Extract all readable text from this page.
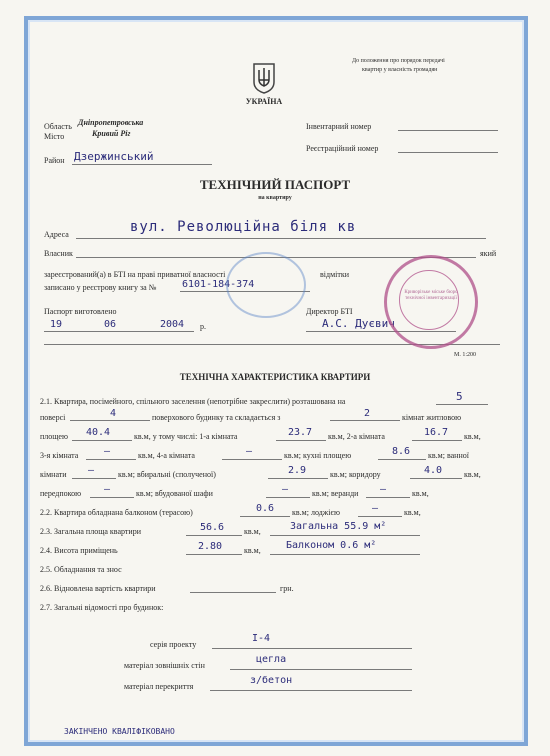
До положення про порядок передачі
квартир у власність громадян
УКРАЇНА
Область Дніпропетровська
Місто	Кривий Ріг
Район Дзержинський
Інвентарний номер
Реєстраційний номер
ТЕХНІЧНИЙ ПАСПОРТ
на квартиру
Адреса	вул. Революційна біля кв
Власник	який
зареєстрований(а) в БТІ на праві приватної власності	відмітки
записано у реєстрову книгу за №	6101-184-374
Паспорт виготовлено
19	06	2004 р.
Директор БТІ
А.С. Дуєвич
М. 1:200
ТЕХНІЧНА ХАРАКТЕРИСТИКА КВАРТИРИ
2.1. Квартира, посімейного, спільного заселення (непотрібне закреслити) розташована на	5
поверсі	4	поверхового будинку та складається з	2	кімнат житловою
площею 40.4	кв.м, у тому числі: 1-а кімната	23.7 кв.м, 2-а кімната	16.7 кв.м,
3-я кімната	—	кв.м, 4-а кімната	—	кв.м; кухні площею	8.6 кв.м; ванної
кімнати —	кв.м; вбиральні (сполученої)	2.9	кв.м; коридору	4.0	кв.м,
передпокою —	кв.м; вбудованої шафи	—	кв.м; веранди —	кв.м,
2.2. Квартира обладнана балконом (терасою)	0.6 кв.м; лоджією	—	кв.м,
2.3. Загальна площа квартири	56.6 кв.м,	Загальна 55.9 м²
2.4. Висота приміщень	2.80	кв.м,	Балконом 0.6 м²
2.5. Обладнання та знос
2.6. Відновлена вартість квартири	грн.
2.7. Загальні відомості про будинок:
серія проекту
І-4
матеріал зовнішніх стін
цегла
матеріал перекриття
з/бетон
ЗАКІНЧЕНО КВАЛІФІКОВАНО
Криворізьке міське бюро технічної інвентаризації
